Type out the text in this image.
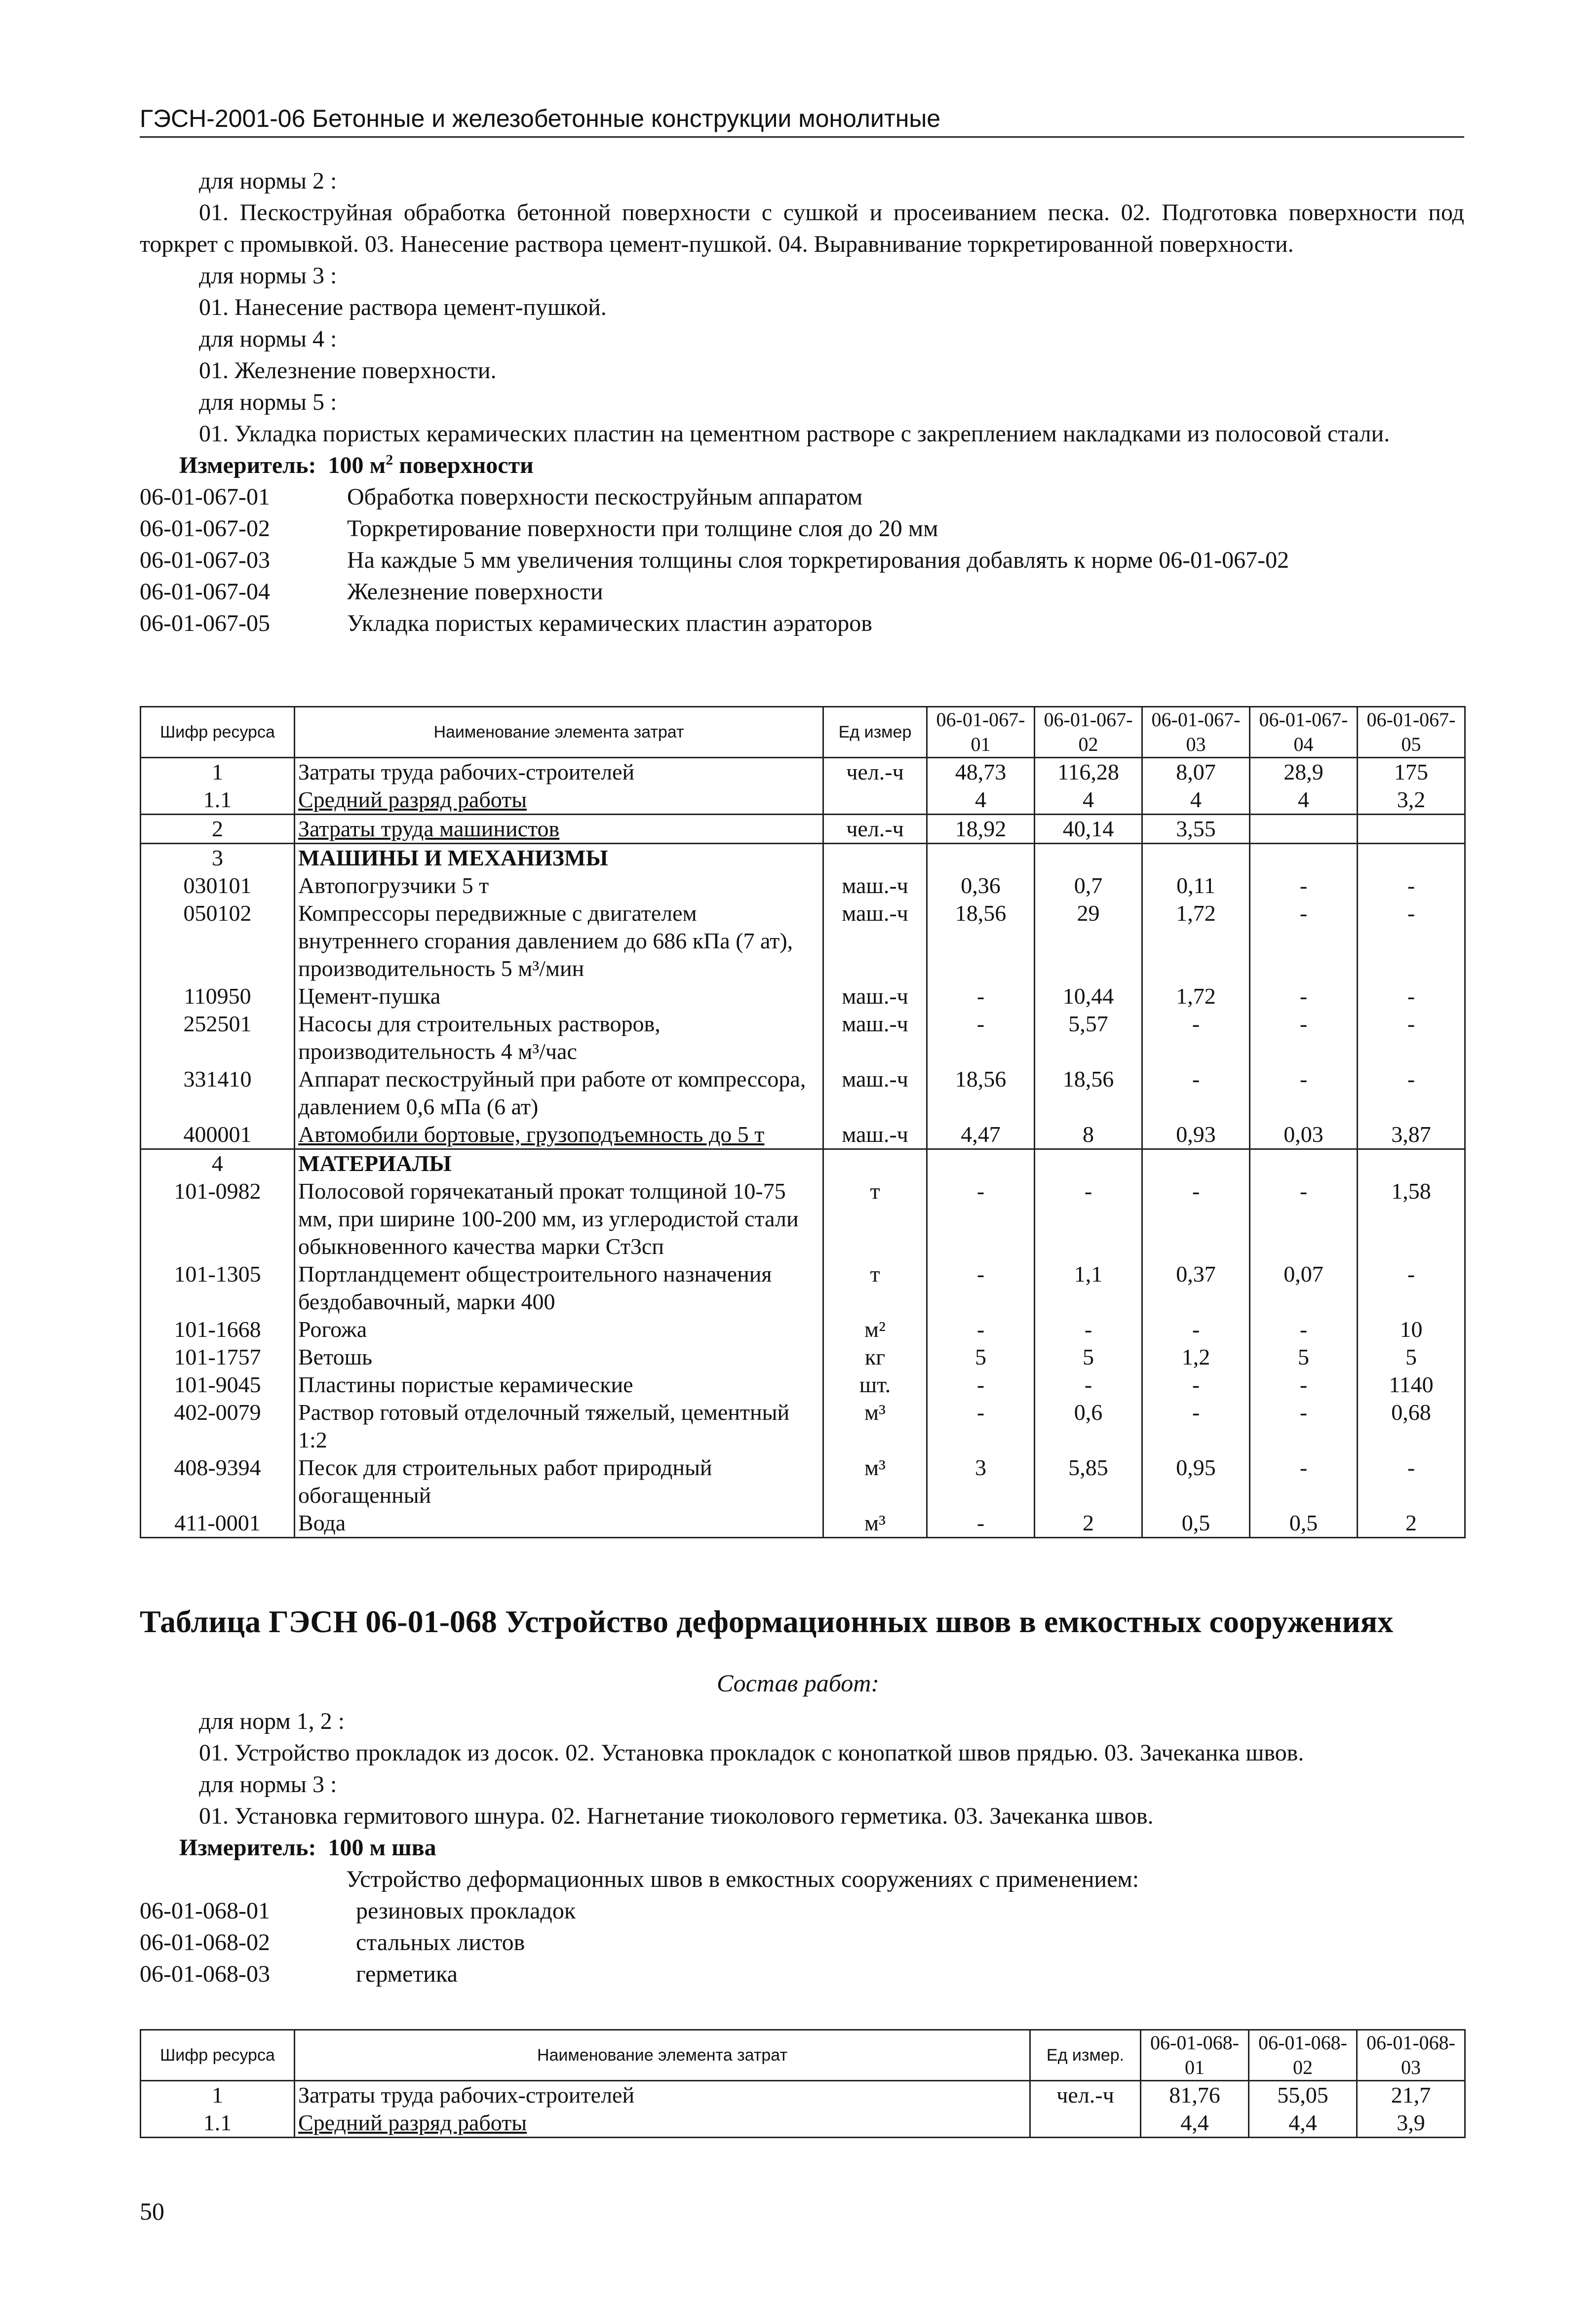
ГЭСН-2001-06 Бетонные и железобетонные конструкции монолитные

для нормы 2 :

01. Пескоструйная обработка бетонной поверхности с сушкой и просеиванием песка. 02. Подготовка поверхности под торкрет с промывкой. 03. Нанесение раствора цемент-пушкой. 04. Выравнивание торкретированной поверхности.

для нормы 3 :

01. Нанесение раствора цемент-пушкой.

для нормы 4 :

01. Железнение поверхности.

для нормы 5 :

01. Укладка пористых керамических пластин на цементном растворе с закреплением накладками из полосовой стали.

Измеритель: 100 $м^2$ поверхности

06-01-067-01	Обработка поверхности пескоструйным аппаратом
06-01-067-02	Торкретирование поверхности при толщине слоя до 20 мм
06-01-067-03	На каждые 5 мм увеличения толщины слоя торкретирования добавлять к норме 06-01-067-02
06-01-067-04	Железнение поверхности
06-01-067-05	Укладка пористых керамических пластин аэраторов
Шифр ресурса	Наименование элемента затрат	Ед измер	06-01-067-01	06-01-067-02	06-01-067-03	06-01-067-04	06-01-067-05
1	Затраты труда рабочих-строителей	чел.-ч	48,73	116,28	8,07	28,9	175
1.1	Средний разряд работы		4	4	4	4	3,2
2	Затраты труда машинистов	чел.-ч	18,92	40,14	3,55		
3	МАШИНЫ И МЕХАНИЗМЫ						
030101	Автопогрузчики 5 т	маш.-ч	0,36	0,7	0,11	-	-
050102	Компрессоры передвижные с двигателем внутреннего сгорания давлением до 686 кПа (7 ат), производительность 5 м³/мин	маш.-ч	18,56	29	1,72	-	-
110950	Цемент-пушка	маш.-ч	-	10,44	1,72	-	-
252501	Насосы для строительных растворов, производительность 4 м³/час	маш.-ч	-	5,57	-	-	-
331410	Аппарат пескоструйный при работе от компрессора, давлением 0,6 мПа (6 ат)	маш.-ч	18,56	18,56	-	-	-
400001	Автомобили бортовые, грузоподъемность до 5 т	маш.-ч	4,47	8	0,93	0,03	3,87
4	МАТЕРИАЛЫ						
101-0982	Полосовой горячекатаный прокат толщиной 10-75 мм, при ширине 100-200 мм, из углеродистой стали обыкновенного качества марки Ст3сп	т	-	-	-	-	1,58
101-1305	Портландцемент общестроительного назначения бездобавочный, марки 400	т	-	1,1	0,37	0,07	-
101-1668	Рогожа	м²	-	-	-	-	10
101-1757	Ветошь	кг	5	5	1,2	5	5
101-9045	Пластины пористые керамические	шт.	-	-	-	-	1140
402-0079	Раствор готовый отделочный тяжелый, цементный 1:2	м³	-	0,6	-	-	0,68
408-9394	Песок для строительных работ природный обогащенный	м³	3	5,85	0,95	-	-
411-0001	Вода	м³	-	2	0,5	0,5	2
Таблица ГЭСН 06-01-068 Устройство деформационных швов в емкостных сооружениях
Состав работ:

для норм 1, 2 :

01. Устройство прокладок из досок. 02. Установка прокладок с конопаткой швов прядью. 03. Зачеканка швов.

для нормы 3 :

01. Установка гермитового шнура. 02. Нагнетание тиоколового герметика. 03. Зачеканка швов.

Измеритель: 100 м шва

Устройство деформационных швов в емкостных сооружениях с применением:

06-01-068-01	резиновых прокладок
06-01-068-02	стальных листов
06-01-068-03	герметика
Шифр ресурса	Наименование элемента затрат	Ед измер.	06-01-068-01	06-01-068-02	06-01-068-03
1	Затраты труда рабочих-строителей	чел.-ч	81,76	55,05	21,7
1.1	Средний разряд работы		4,4	4,4	3,9
50
